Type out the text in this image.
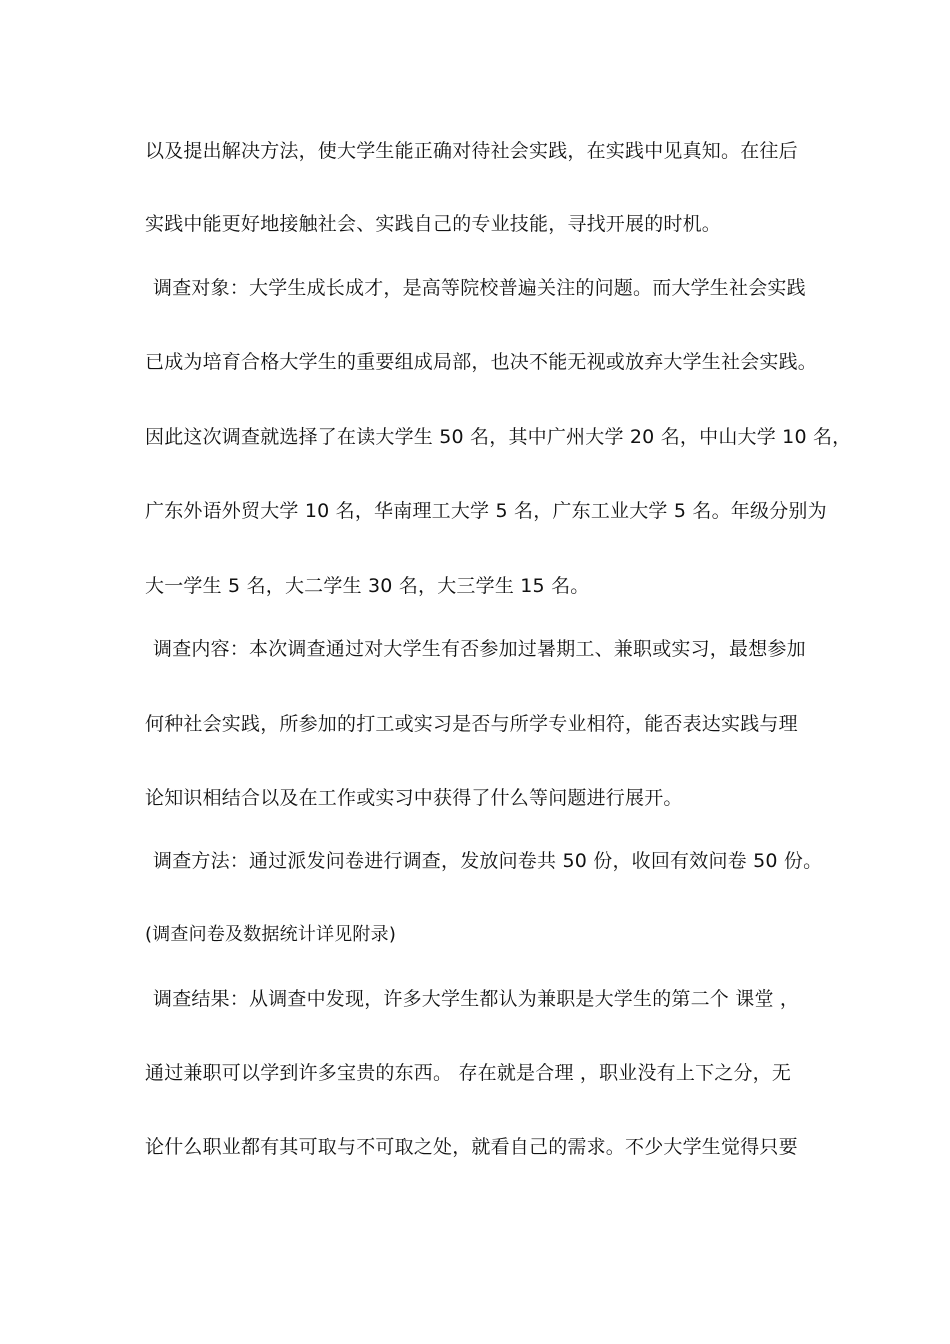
以及提出解决方法，使大学生能正确对待社会实践，在实践中见真知。在往后
实践中能更好地接触社会、实践自己的专业技能，寻找开展的时机。
调查对象：大学生成长成才，是高等院校普遍关注的问题。而大学生社会实践
已成为培育合格大学生的重要组成局部，也决不能无视或放弃大学生社会实践。
因此这次调查就选择了在读大学生 50 名，其中广州大学 20 名，中山大学 10 名，
广东外语外贸大学 10 名，华南理工大学 5 名，广东工业大学 5 名。年级分别为
大一学生 5 名，大二学生 30 名，大三学生 15 名。
调查内容：本次调查通过对大学生有否参加过暑期工、兼职或实习，最想参加
何种社会实践，所参加的打工或实习是否与所学专业相符，能否表达实践与理
论知识相结合以及在工作或实习中获得了什么等问题进行展开。
调查方法：通过派发问卷进行调查，发放问卷共 50 份，收回有效问卷 50 份。
(调查问卷及数据统计详见附录)
调查结果：从调查中发现，许多大学生都认为兼职是大学生的第二个 课堂 ，
通过兼职可以学到许多宝贵的东西。 存在就是合理 ，职业没有上下之分，无
论什么职业都有其可取与不可取之处，就看自己的需求。不少大学生觉得只要
